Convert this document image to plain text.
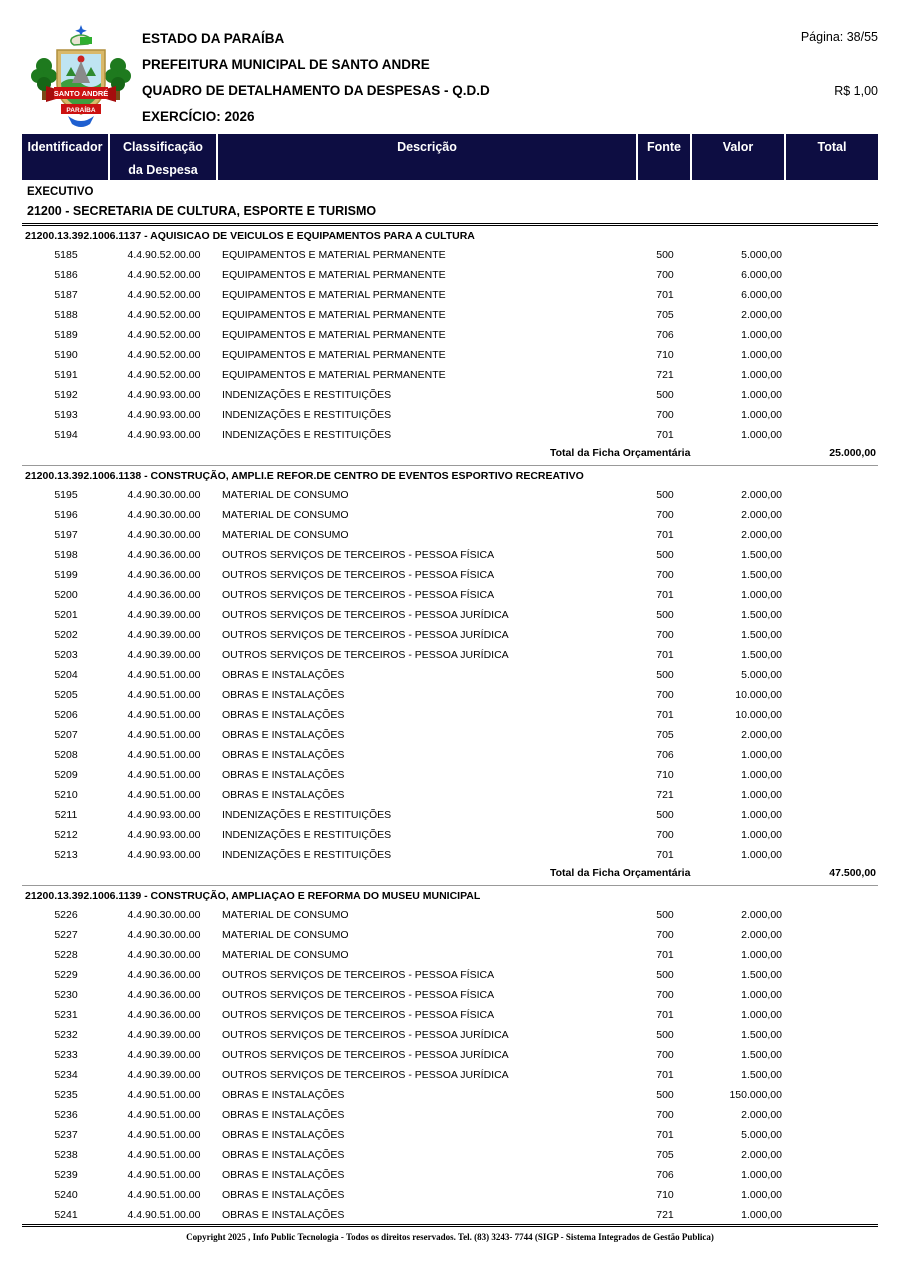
SANTO ANDRÉ
PARAÍBA
ESTADO DA PARAÍBA
PREFEITURA MUNICIPAL DE SANTO ANDRE
QUADRO DE DETALHAMENTO DA DESPESAS - Q.D.D
EXERCÍCIO: 2026
Página: 38/55
R$ 1,00
Identificador	Classificação
da Despesa
Descrição	Fonte	Valor	Total
EXECUTIVO
21200 - SECRETARIA DE CULTURA, ESPORTE E TURISMO
21200.13.392.1006.1137 - AQUISICAO DE VEICULOS E EQUIPAMENTOS PARA A CULTURA
5185	4.4.90.52.00.00	EQUIPAMENTOS E MATERIAL PERMANENTE	500	5.000,00
5186	4.4.90.52.00.00	EQUIPAMENTOS E MATERIAL PERMANENTE	700	6.000,00
5187	4.4.90.52.00.00	EQUIPAMENTOS E MATERIAL PERMANENTE	701	6.000,00
5188	4.4.90.52.00.00	EQUIPAMENTOS E MATERIAL PERMANENTE	705	2.000,00
5189	4.4.90.52.00.00	EQUIPAMENTOS E MATERIAL PERMANENTE	706	1.000,00
5190	4.4.90.52.00.00	EQUIPAMENTOS E MATERIAL PERMANENTE	710	1.000,00
5191	4.4.90.52.00.00	EQUIPAMENTOS E MATERIAL PERMANENTE	721	1.000,00
5192	4.4.90.93.00.00	INDENIZAÇÕES E RESTITUIÇÕES	500	1.000,00
5193	4.4.90.93.00.00	INDENIZAÇÕES E RESTITUIÇÕES	700	1.000,00
5194	4.4.90.93.00.00	INDENIZAÇÕES E RESTITUIÇÕES	701	1.000,00
Total da Ficha Orçamentária	25.000,00
21200.13.392.1006.1138 - CONSTRUÇÃO, AMPLI.E REFOR.DE CENTRO DE EVENTOS ESPORTIVO RECREATIVO
5195	4.4.90.30.00.00	MATERIAL DE CONSUMO	500	2.000,00
5196	4.4.90.30.00.00	MATERIAL DE CONSUMO	700	2.000,00
5197	4.4.90.30.00.00	MATERIAL DE CONSUMO	701	2.000,00
5198	4.4.90.36.00.00	OUTROS SERVIÇOS DE TERCEIROS - PESSOA FÍSICA	500	1.500,00
5199	4.4.90.36.00.00	OUTROS SERVIÇOS DE TERCEIROS - PESSOA FÍSICA	700	1.500,00
5200	4.4.90.36.00.00	OUTROS SERVIÇOS DE TERCEIROS - PESSOA FÍSICA	701	1.000,00
5201	4.4.90.39.00.00	OUTROS SERVIÇOS DE TERCEIROS - PESSOA JURÍDICA	500	1.500,00
5202	4.4.90.39.00.00	OUTROS SERVIÇOS DE TERCEIROS - PESSOA JURÍDICA	700	1.500,00
5203	4.4.90.39.00.00	OUTROS SERVIÇOS DE TERCEIROS - PESSOA JURÍDICA	701	1.500,00
5204	4.4.90.51.00.00	OBRAS E INSTALAÇÕES	500	5.000,00
5205	4.4.90.51.00.00	OBRAS E INSTALAÇÕES	700	10.000,00
5206	4.4.90.51.00.00	OBRAS E INSTALAÇÕES	701	10.000,00
5207	4.4.90.51.00.00	OBRAS E INSTALAÇÕES	705	2.000,00
5208	4.4.90.51.00.00	OBRAS E INSTALAÇÕES	706	1.000,00
5209	4.4.90.51.00.00	OBRAS E INSTALAÇÕES	710	1.000,00
5210	4.4.90.51.00.00	OBRAS E INSTALAÇÕES	721	1.000,00
5211	4.4.90.93.00.00	INDENIZAÇÕES E RESTITUIÇÕES	500	1.000,00
5212	4.4.90.93.00.00	INDENIZAÇÕES E RESTITUIÇÕES	700	1.000,00
5213	4.4.90.93.00.00	INDENIZAÇÕES E RESTITUIÇÕES	701	1.000,00
Total da Ficha Orçamentária	47.500,00
21200.13.392.1006.1139 - CONSTRUÇÃO, AMPLIAÇAO E REFORMA DO MUSEU MUNICIPAL
5226	4.4.90.30.00.00	MATERIAL DE CONSUMO	500	2.000,00
5227	4.4.90.30.00.00	MATERIAL DE CONSUMO	700	2.000,00
5228	4.4.90.30.00.00	MATERIAL DE CONSUMO	701	1.000,00
5229	4.4.90.36.00.00	OUTROS SERVIÇOS DE TERCEIROS - PESSOA FÍSICA	500	1.500,00
5230	4.4.90.36.00.00	OUTROS SERVIÇOS DE TERCEIROS - PESSOA FÍSICA	700	1.000,00
5231	4.4.90.36.00.00	OUTROS SERVIÇOS DE TERCEIROS - PESSOA FÍSICA	701	1.000,00
5232	4.4.90.39.00.00	OUTROS SERVIÇOS DE TERCEIROS - PESSOA JURÍDICA	500	1.500,00
5233	4.4.90.39.00.00	OUTROS SERVIÇOS DE TERCEIROS - PESSOA JURÍDICA	700	1.500,00
5234	4.4.90.39.00.00	OUTROS SERVIÇOS DE TERCEIROS - PESSOA JURÍDICA	701	1.500,00
5235	4.4.90.51.00.00	OBRAS E INSTALAÇÕES	500	150.000,00
5236	4.4.90.51.00.00	OBRAS E INSTALAÇÕES	700	2.000,00
5237	4.4.90.51.00.00	OBRAS E INSTALAÇÕES	701	5.000,00
5238	4.4.90.51.00.00	OBRAS E INSTALAÇÕES	705	2.000,00
5239	4.4.90.51.00.00	OBRAS E INSTALAÇÕES	706	1.000,00
5240	4.4.90.51.00.00	OBRAS E INSTALAÇÕES	710	1.000,00
5241	4.4.90.51.00.00	OBRAS E INSTALAÇÕES	721	1.000,00
Copyright 2025 , Info Public Tecnologia - Todos os direitos reservados. Tel. (83) 3243- 7744 (SIGP - Sistema Integrados de Gestão Publica)
